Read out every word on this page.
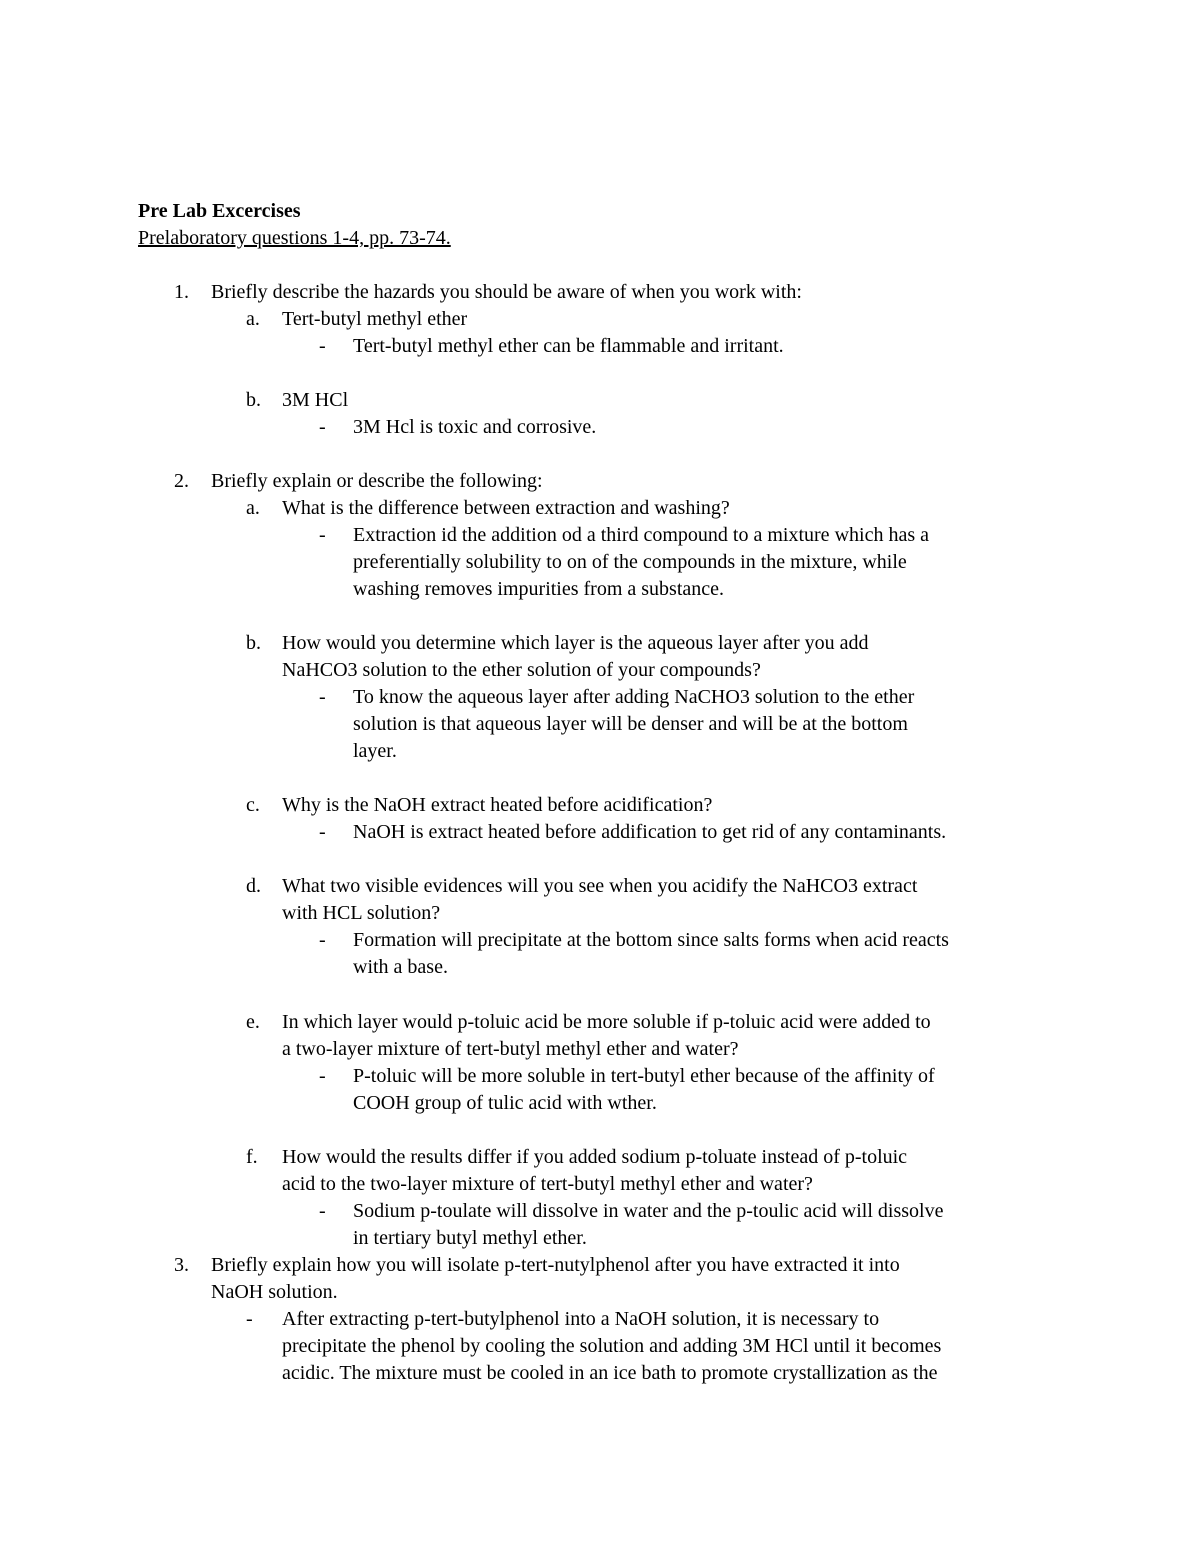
Pre Lab Excercises
Prelaboratory questions 1-4, pp. 73-74.
1. Briefly describe the hazards you should be aware of when you work with:
a. Tert-butyl methyl ether
- Tert-butyl methyl ether can be flammable and irritant.
b. 3M HCl
- 3M Hcl is toxic and corrosive.
2. Briefly explain or describe the following:
a. What is the difference between extraction and washing?
- Extraction id the addition od a third compound to a mixture which has a
preferentially solubility to on of the compounds in the mixture, while
washing removes impurities from a substance.
b. How would you determine which layer is the aqueous layer after you add
NaHCO3 solution to the ether solution of your compounds?
- To know the aqueous layer after adding NaCHO3 solution to the ether
solution is that aqueous layer will be denser and will be at the bottom
layer.
c. Why is the NaOH extract heated before acidification?
- NaOH is extract heated before addification to get rid of any contaminants.
d. What two visible evidences will you see when you acidify the NaHCO3 extract
with HCL solution?
- Formation will precipitate at the bottom since salts forms when acid reacts
with a base.
e. In which layer would p-toluic acid be more soluble if p-toluic acid were added to
a two-layer mixture of tert-butyl methyl ether and water?
- P-toluic will be more soluble in tert-butyl ether because of the affinity of
COOH group of tulic acid with wther.
f. How would the results differ if you added sodium p-toluate instead of p-toluic
acid to the two-layer mixture of tert-butyl methyl ether and water?
- Sodium p-toulate will dissolve in water and the p-toulic acid will dissolve
in tertiary butyl methyl ether.
3. Briefly explain how you will isolate p-tert-nutylphenol after you have extracted it into
NaOH solution.
- After extracting p-tert-butylphenol into a NaOH solution, it is necessary to
precipitate the phenol by cooling the solution and adding 3M HCl until it becomes
acidic. The mixture must be cooled in an ice bath to promote crystallization as the
